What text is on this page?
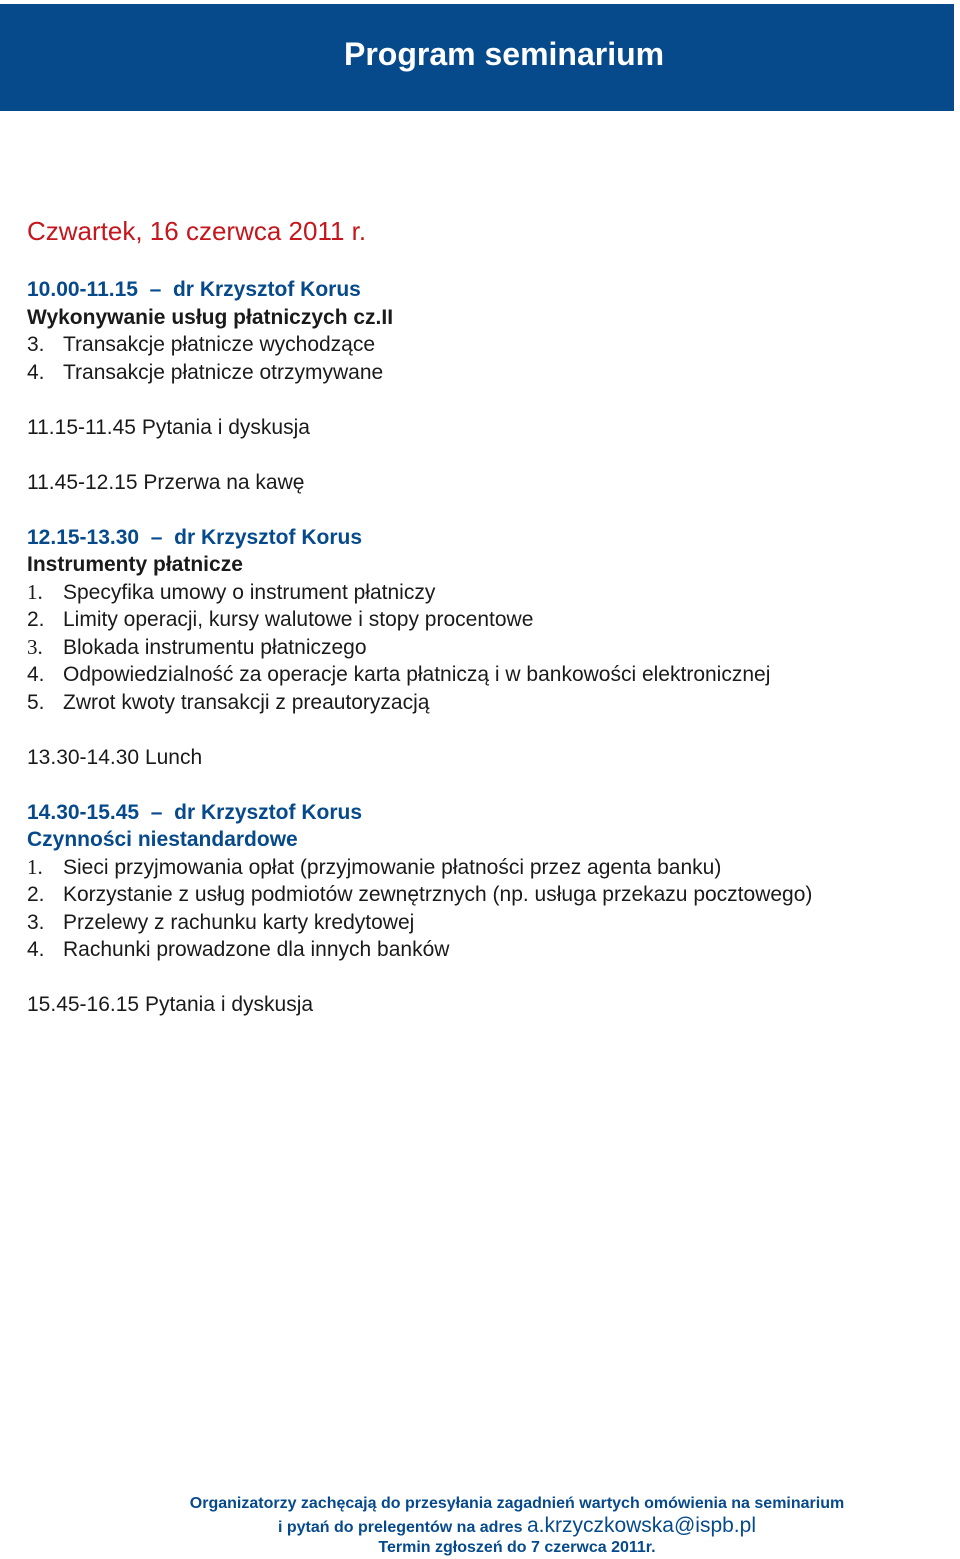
Program seminarium
Czwartek, 16 czerwca 2011 r.
10.00-11.15  –  dr Krzysztof Korus
Wykonywanie usług płatniczych cz.II
3. Transakcje płatnicze wychodzące
4. Transakcje płatnicze otrzymywane
11.15-11.45 Pytania i dyskusja
11.45-12.15 Przerwa na kawę
12.15-13.30  –  dr Krzysztof Korus
Instrumenty płatnicze
1. Specyfika umowy o instrument płatniczy
2. Limity operacji, kursy walutowe i stopy procentowe
3. Blokada instrumentu płatniczego
4. Odpowiedzialność za operacje karta płatniczą i w bankowości elektronicznej
5. Zwrot kwoty transakcji z preautoryzacją
13.30-14.30 Lunch
14.30-15.45  –  dr Krzysztof Korus
Czynności niestandardowe
1. Sieci przyjmowania opłat (przyjmowanie płatności przez agenta banku)
2. Korzystanie z usług podmiotów zewnętrznych (np. usługa przekazu pocztowego)
3. Przelewy z rachunku karty kredytowej
4. Rachunki prowadzone dla innych banków
15.45-16.15 Pytania i dyskusja
Organizatorzy zachęcają do przesyłania zagadnień wartych omówienia na seminarium
i pytań do prelegentów na adres a.krzyczkowska@ispb.pl
Termin zgłoszeń do 7 czerwca 2011r.
